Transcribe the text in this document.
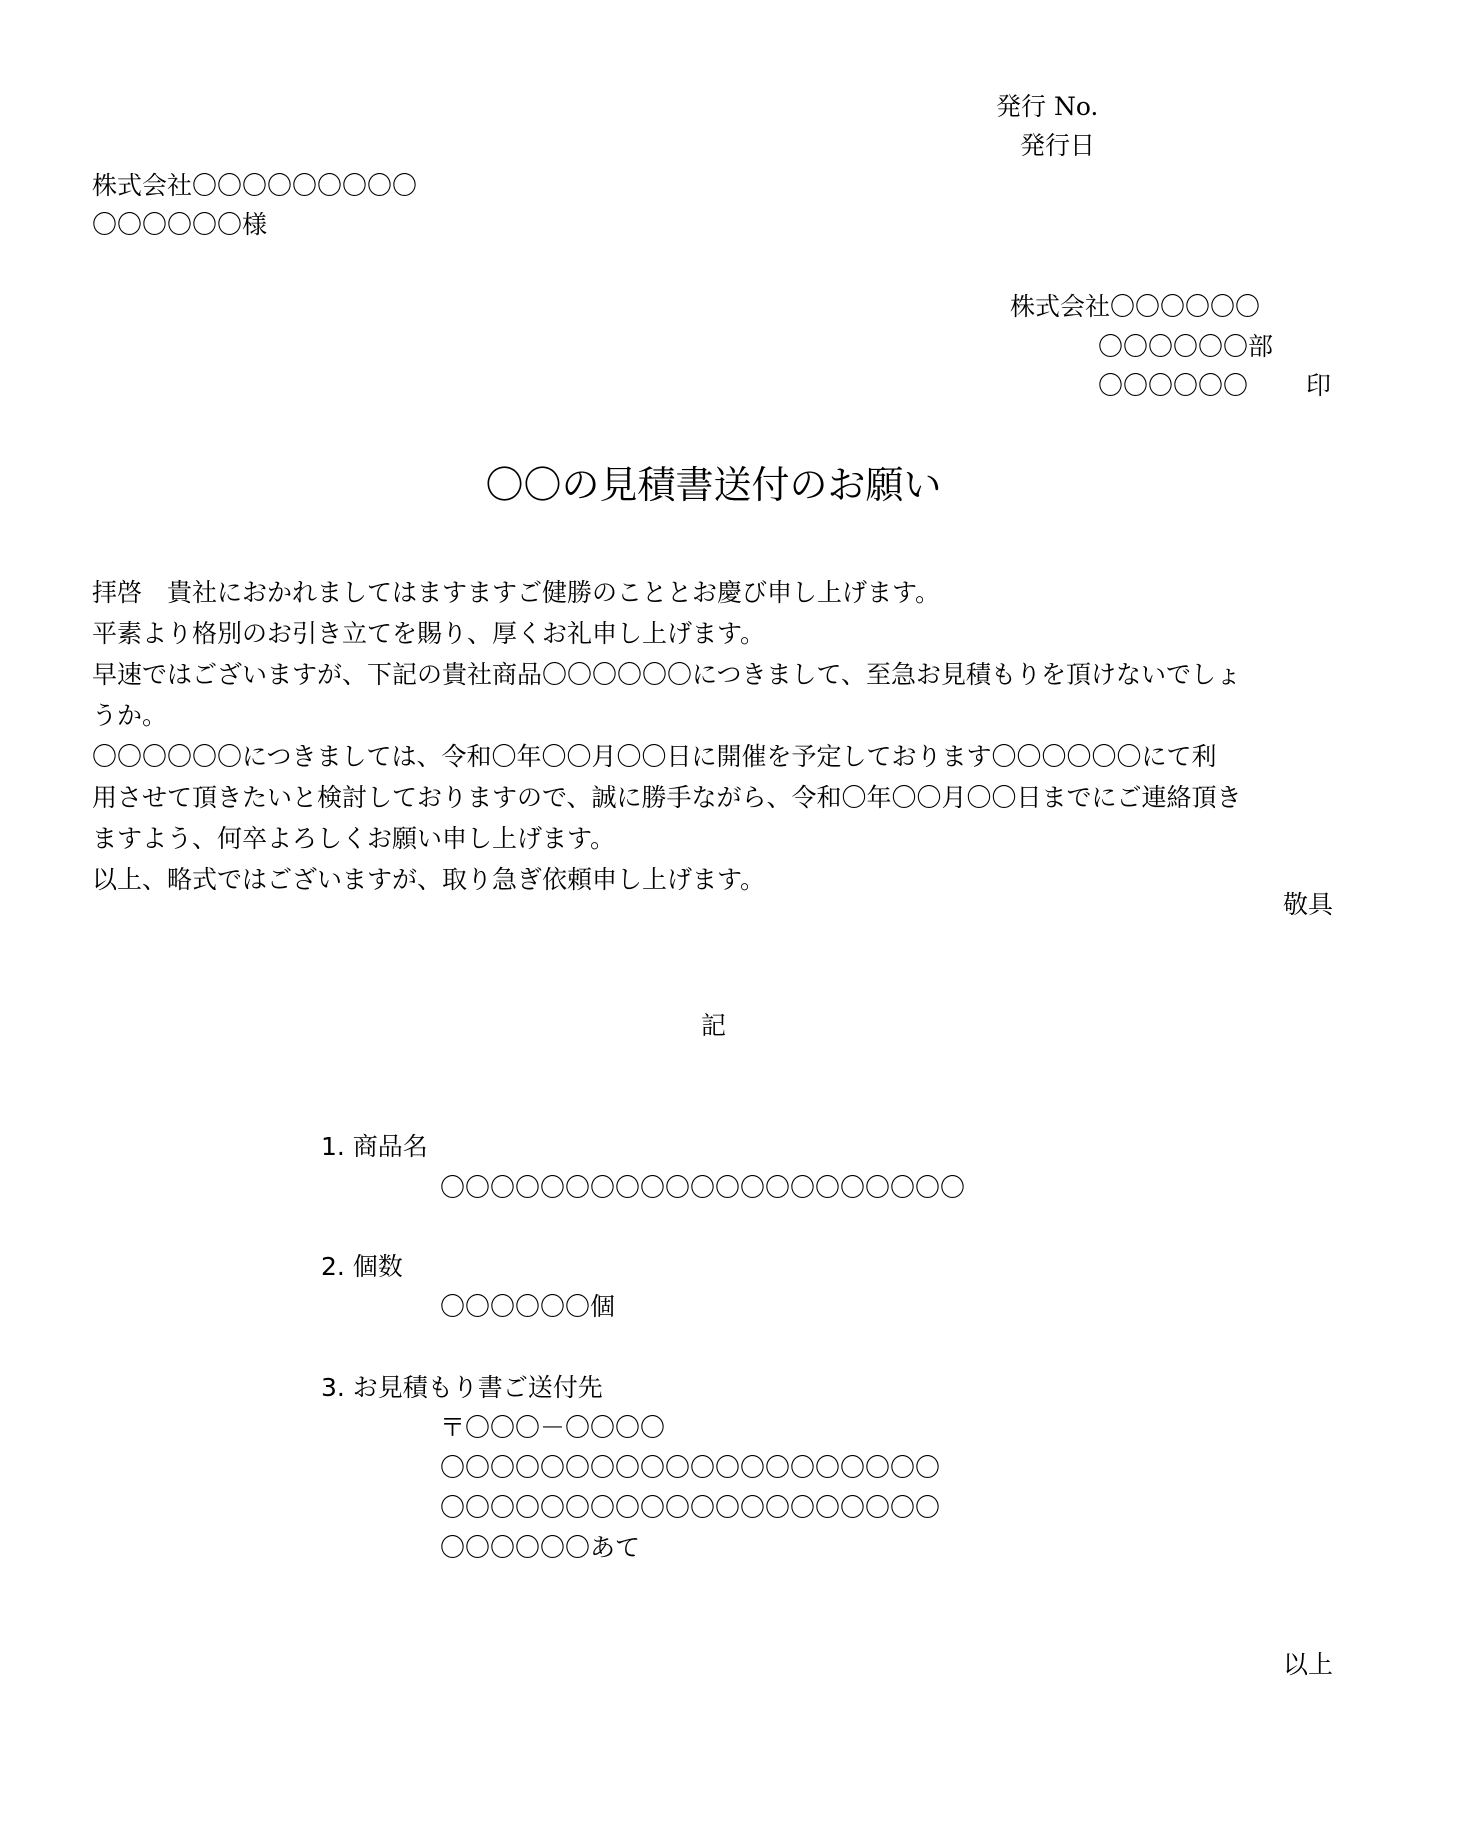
発行 No.
発行日
株式会社〇〇〇〇〇〇〇〇〇
〇〇〇〇〇〇様
株式会社〇〇〇〇〇〇
〇〇〇〇〇〇部
〇〇〇〇〇〇 印
〇〇の見積書送付のお願い
拝啓　貴社におかれましてはますますご健勝のこととお慶び申し上げます。
平素より格別のお引き立てを賜り、厚くお礼申し上げます。
早速ではございますが、下記の貴社商品〇〇〇〇〇〇につきまして、至急お見積もりを頂けないでしょ
うか。
〇〇〇〇〇〇につきましては、令和〇年〇〇月〇〇日に開催を予定しております〇〇〇〇〇〇にて利
用させて頂きたいと検討しておりますので、誠に勝手ながら、令和〇年〇〇月〇〇日までにご連絡頂き
ますよう、何卒よろしくお願い申し上げます。
以上、略式ではございますが、取り急ぎ依頼申し上げます。
敬具
記
1. 商品名
〇〇〇〇〇〇〇〇〇〇〇〇〇〇〇〇〇〇〇〇〇
2. 個数
〇〇〇〇〇〇個
3. お見積もり書ご送付先
〒〇〇〇－〇〇〇〇
〇〇〇〇〇〇〇〇〇〇〇〇〇〇〇〇〇〇〇〇
〇〇〇〇〇〇〇〇〇〇〇〇〇〇〇〇〇〇〇〇
〇〇〇〇〇〇あて
以上
